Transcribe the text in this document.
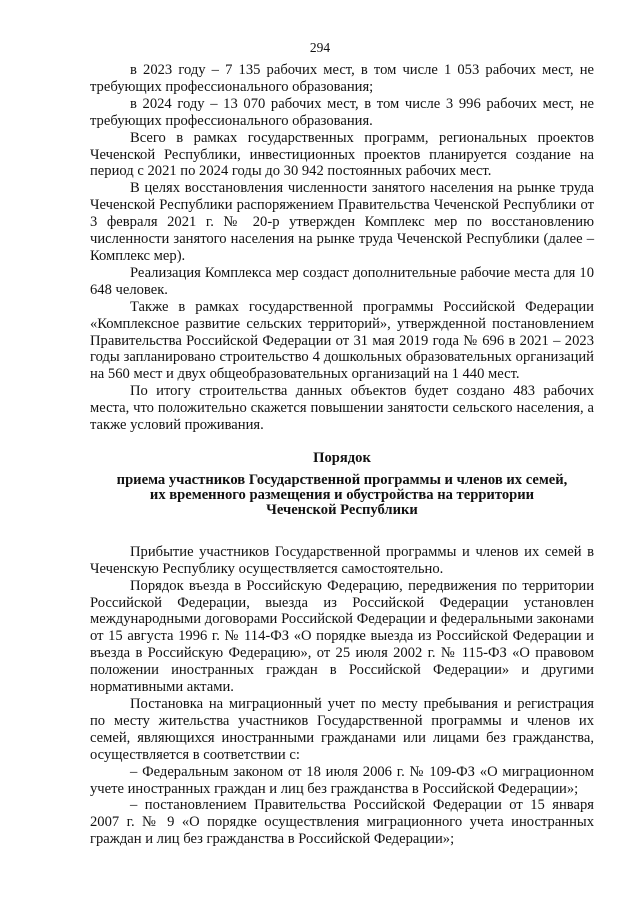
294

в 2023 году – 7 135 рабочих мест, в том числе 1 053 рабочих мест, не требующих профессионального образования;

в 2024 году – 13 070 рабочих мест, в том числе 3 996 рабочих мест, не требующих профессионального образования.

Всего в рамках государственных программ, региональных проектов Чеченской Республики, инвестиционных проектов планируется создание на период с 2021 по 2024 годы до 30 942 постоянных рабочих мест.

В целях восстановления численности занятого населения на рынке труда Чеченской Республики распоряжением Правительства Чеченской Республики от 3 февраля 2021 г. № 20-р утвержден Комплекс мер по восстановлению численности занятого населения на рынке труда Чеченской Республики (далее – Комплекс мер).

Реализация Комплекса мер создаст дополнительные рабочие места для 10 648 человек.

Также в рамках государственной программы Российской Федерации «Комплексное развитие сельских территорий», утвержденной постановлением Правительства Российской Федерации от 31 мая 2019 года № 696 в 2021 – 2023 годы запланировано строительство 4 дошкольных образовательных организаций на 560 мест и двух общеобразовательных организаций на 1 440 мест.

По итогу строительства данных объектов будет создано 483 рабочих места, что положительно скажется повышении занятости сельского населения, а также условий проживания.

Порядок

приема участников Государственной программы и членов их семей,
их временного размещения и обустройства на территории
Чеченской Республики

Прибытие участников Государственной программы и членов их семей в Чеченскую Республику осуществляется самостоятельно.

Порядок въезда в Российскую Федерацию, передвижения по территории Российской Федерации, выезда из Российской Федерации установлен международными договорами Российской Федерации и федеральными законами от 15 августа 1996 г. № 114-ФЗ «О порядке выезда из Российской Федерации и въезда в Российскую Федерацию», от 25 июля 2002 г. № 115-ФЗ «О правовом положении иностранных граждан в Российской Федерации» и другими нормативными актами.

Постановка на миграционный учет по месту пребывания и регистрация по месту жительства участников Государственной программы и членов их семей, являющихся иностранными гражданами или лицами без гражданства, осуществляется в соответствии с:

– Федеральным законом от 18 июля 2006 г. № 109-ФЗ «О миграционном учете иностранных граждан и лиц без гражданства в Российской Федерации»;

– постановлением Правительства Российской Федерации от 15 января 2007 г. № 9 «О порядке осуществления миграционного учета иностранных граждан и лиц без гражданства в Российской Федерации»;
